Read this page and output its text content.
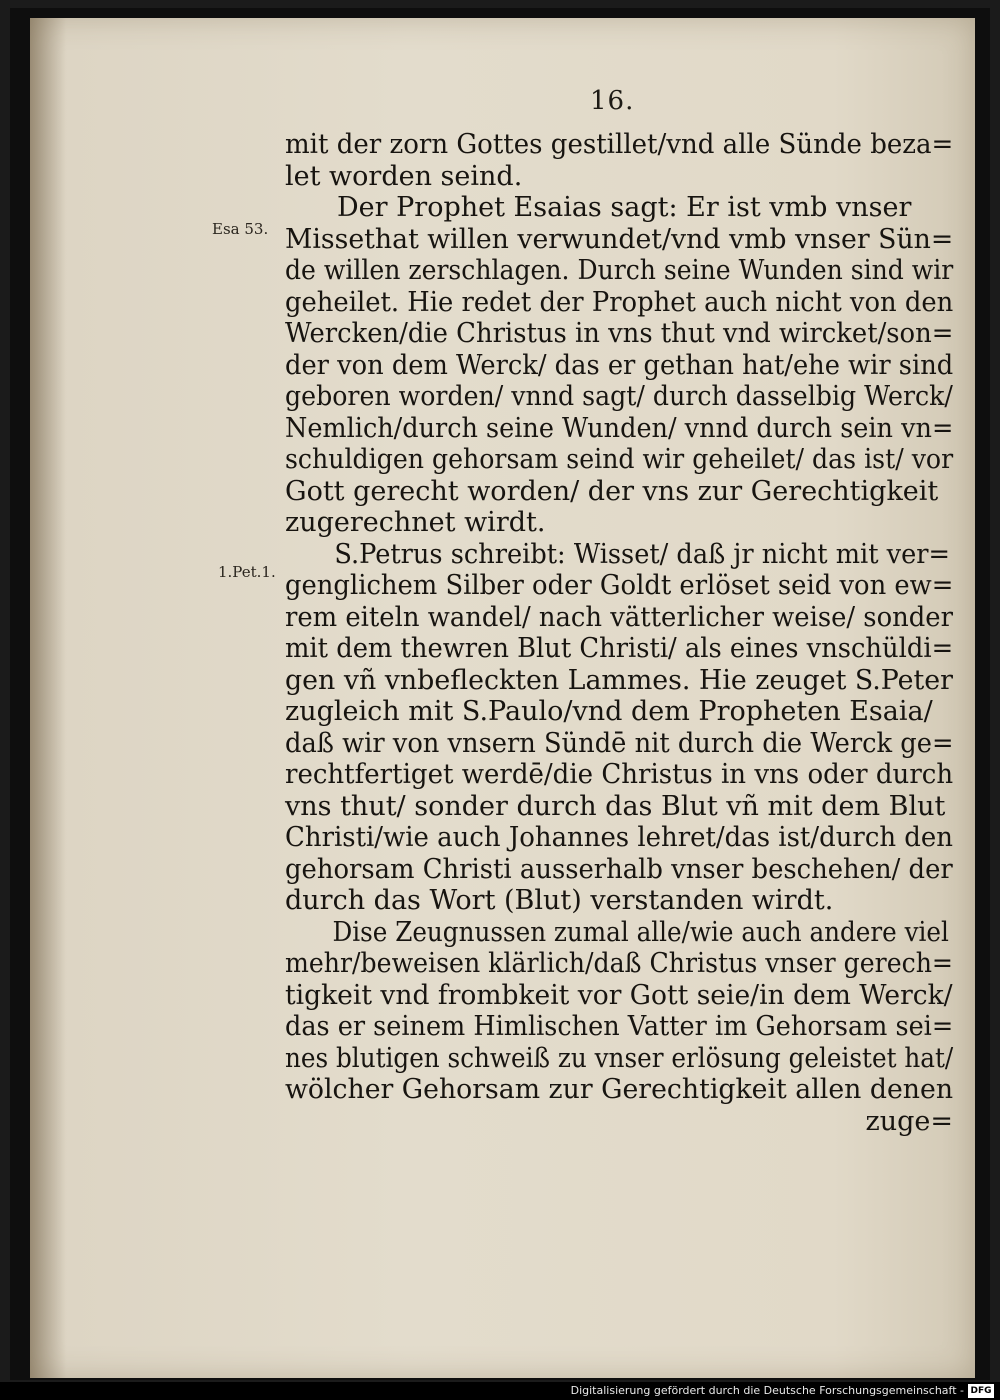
16.
Esa 53.
1.Pet.1.
mit der zorn Gottes gestillet/vnd alle Sünde beza=
let worden seind.
Der Prophet Esaias sagt: Er ist vmb vnser
Missethat willen verwundet/vnd vmb vnser Sün=
de willen zerschlagen. Durch seine Wunden sind wir
geheilet. Hie redet der Prophet auch nicht von den
Wercken/die Christus in vns thut vnd wircket/son=
der von dem Werck/ das er gethan hat/ehe wir sind
geboren worden/ vnnd sagt/ durch dasselbig Werck/
Nemlich/durch seine Wunden/ vnnd durch sein vn=
schuldigen gehorsam seind wir geheilet/ das ist/ vor
Gott gerecht worden/ der vns zur Gerechtigkeit
zugerechnet wirdt.
S.Petrus schreibt: Wisset/ daß jr nicht mit ver=
genglichem Silber oder Goldt erlöset seid von ew=
rem eiteln wandel/ nach vätterlicher weise/ sonder
mit dem thewren Blut Christi/ als eines vnschüldi=
gen vñ vnbefleckten Lammes. Hie zeuget S.Peter
zugleich mit S.Paulo/vnd dem Propheten Esaia/
daß wir von vnsern Sündē nit durch die Werck ge=
rechtfertiget werdē/die Christus in vns oder durch
vns thut/ sonder durch das Blut vñ mit dem Blut
Christi/wie auch Johannes lehret/das ist/durch den
gehorsam Christi ausserhalb vnser beschehen/ der
durch das Wort (Blut) verstanden wirdt.
Dise Zeugnussen zumal alle/wie auch andere viel
mehr/beweisen klärlich/daß Christus vnser gerech=
tigkeit vnd frombkeit vor Gott seie/in dem Werck/
das er seinem Himlischen Vatter im Gehorsam sei=
nes blutigen schweiß zu vnser erlösung geleistet hat/
wölcher Gehorsam zur Gerechtigkeit allen denen
zuge=
Digitalisierung gefördert durch die Deutsche Forschungsgemeinschaft - DFG
